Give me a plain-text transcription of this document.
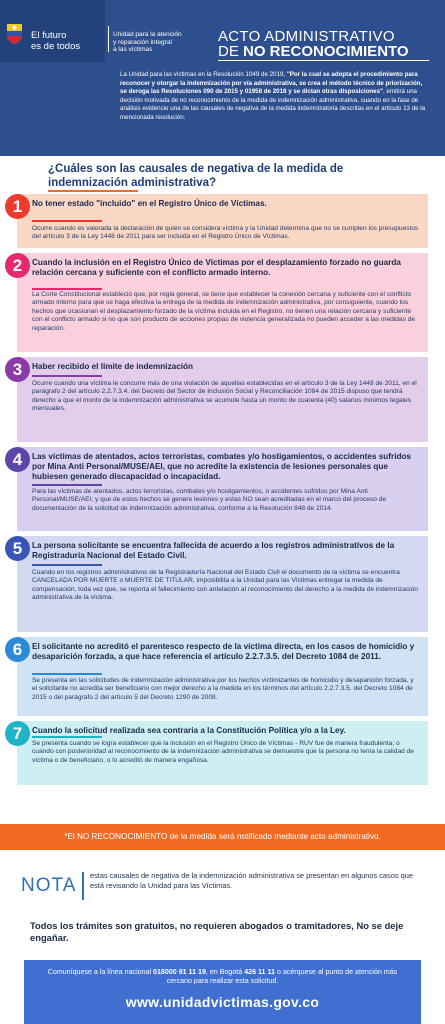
El futuro
es de todos
Unidad para la atención
y reparación integral
a las víctimas
ACTO ADMINISTRATIVO
DE NO RECONOCIMIENTO
La Unidad para las víctimas en la Resolución 1049 de 2019, "Por la cual se adopta el procedimiento para reconocer y otorgar la indemnización por vía administrativa, se crea el método técnico de priorización, se deroga las Resoluciones 090 de 2015 y 01958 de 2018 y se dictan otras disposiciones", emitirá una decisión motivada de no reconocimiento de la medida de indemnización administrativa, cuando en la fase de análisis evidencie una de las causales de negativa de la medida indemnizatoria descritas en el artículo 13 de la mencionada resolución.
¿Cuáles son las causales de negativa de la medida de indemnización administrativa?
1	No tener estado "incluido" en el Registro Único de Víctimas.
Ocurre cuando es valorada la declaración de quien se considera víctima y la Unidad determina que no se cumplen los presupuestos del artículo 3 de la Ley 1448 de 2011 para ser incluida en el Registro Único de Víctimas.
2	Cuando la inclusión en el Registro Único de Víctimas por el desplazamiento forzado no guarda relación cercana y suficiente con el conflicto armado interno.
La Corte Constitucional estableció que, por regla general, se tiene que establecer la conexión cercana y suficiente con el conflicto armado interno para que se haga efectiva la entrega de la medida de indemnización administrativa, por consiguiente, cuando los hechos que ocasionan el desplazamiento forzado de la víctima incluida en el Registro, no tienen una relación cercana y suficiente con el conflicto armado si no que son producto de acciones propias de violencia generalizada no pueden acceder a las medidas de reparación.
3	Haber recibido el límite de indemnización
Ocurre cuando una víctima le concurre más de una violación de aquellas establecidas en el artículo 3 de la Ley 1448 de 2011, en el parágrafo 2 del artículo 2.2.7.3.4. del Decreto del Sector de Inclusión Social y Reconciliación 1084 de 2015 dispuso que tendrá derecho a que el monto de la indemnización administrativa se acumule hasta un monto de cuarenta (40) salarios mínimos legales mensuales.
4	Las víctimas de atentados, actos terroristas, combates y/o hostigamientos, o accidentes sufridos por Mina Anti Personal/MUSE/AEI, que no acredite la existencia de lesiones personales que hubiesen generado discapacidad o incapacidad.
Para las víctimas de atentados, actos terroristas, combates y/o hostigamientos, o accidentes sufridos por Mina Anti Personal/MUSE/AEI; y que de estos hechos se genere lesiones y estas NO sean acreditadas en el marco del proceso de documentación de la solicitud de indemnización administrativa, conforme a la Resolución 848 de 2014.
5	La persona solicitante se encuentra fallecida de acuerdo a los registros administrativos de la Registraduría Nacional del Estado Civil.
Cuando en los registros administrativos de la Registraduría Nacional del Estado Civil el documento de la víctima se encuentra CANCELADA POR MUERTE o MUERTE DE TITULAR, imposibilita a la Unidad para las Víctimas entregar la medida de compensación, toda vez que, se reporta el fallecimiento con antelación al reconocimiento del derecho a la medida de indemnización administrativa de la víctima.
6	El solicitante no acreditó el parentesco respecto de la víctima directa, en los casos de homicidio y desaparición forzada, a que hace referencia el artículo 2.2.7.3.5. del Decreto 1084 de 2011.
Se presenta en las solicitudes de indemnización administrativa por los hechos victimizantes de homicidio y desaparición forzada, y el solicitante no acredita ser beneficiario con mejor derecho a la medida en los términos del artículo 2.2.7.3.5. del Decreto 1084 de 2015 o del parágrafo 2 del artículo 5 del Decreto 1290 de 2008.
7	Cuando la solicitud realizada sea contraria a la Constitución Política y/o a la Ley.
Se presenta cuando se logra establecer que la inclusión en el Registro Único de Víctimas - RUV fue de manera fraudulenta; o cuando con posterioridad al reconocimiento de la indemnización administrativa se demuestre que la persona no tenía la calidad de víctima o de beneficiario, o lo acreditó de manera engañosa.
*El NO RECONOCIMIENTO de la medida será notificado mediante acto administrativo.
NOTA estas causales de negativa de la indemnización administrativa se presentan en algunos casos que está revisando la Unidad para las Víctimas.
Todos los trámites son gratuitos, no requieren abogados o tramitadores, No se deje engañar.
Comuníquese a la línea nacional 018000 91 11 19, en Bogotá 426 11 11 o acérquese al punto de atención más cercano para realizar esta solicitud.
www.unidadvictimas.gov.co
